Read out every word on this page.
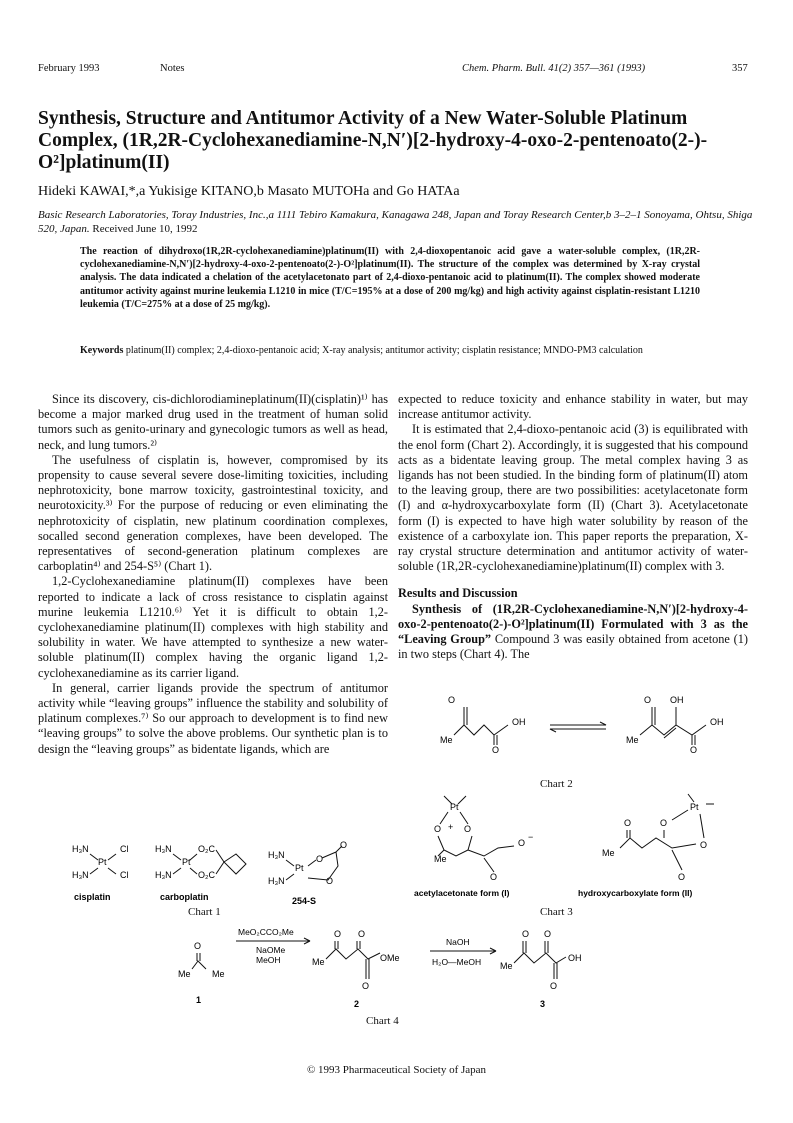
February 1993	Notes	Chem. Pharm. Bull. 41(2) 357—361 (1993)	357
Synthesis, Structure and Antitumor Activity of a New Water-Soluble Platinum Complex, (1R,2R-Cyclohexanediamine-N,N′)[2-hydroxy-4-oxo-2-pentenoato(2-)-O²]platinum(II)
Hideki KAWAI,*,a Yukisige KITANO,b Masato MUTOHa and Go HATAa
Basic Research Laboratories, Toray Industries, Inc.,a 1111 Tebiro Kamakura, Kanagawa 248, Japan and Toray Research Center,b 3–2–1 Sonoyama, Ohtsu, Shiga 520, Japan. Received June 10, 1992

The reaction of dihydroxo(1R,2R-cyclohexanediamine)platinum(II) with 2,4-dioxopentanoic acid gave a water-soluble complex, (1R,2R-cyclohexanediamine-N,N′)[2-hydroxy-4-oxo-2-pentenoato(2-)-O²]platinum(II). The structure of the complex was determined by X-ray crystal analysis. The data indicated a chelation of the acetylacetonato part of 2,4-dioxo-pentanoic acid to platinum(II). The complex showed moderate antitumor activity against murine leukemia L1210 in mice (T/C=195% at a dose of 200 mg/kg) and high activity against cisplatin-resistant L1210 leukemia (T/C=275% at a dose of 25 mg/kg).

Keywords platinum(II) complex; 2,4-dioxo-pentanoic acid; X-ray analysis; antitumor activity; cisplatin resistance; MNDO-PM3 calculation

Since its discovery, cis-dichlorodiamineplatinum(II)(cisplatin)¹⁾ has become a major marked drug used in the treatment of human solid tumors such as genito-urinary and gynecologic tumors as well as head, neck, and lung tumors.²⁾

The usefulness of cisplatin is, however, compromised by its propensity to cause several severe dose-limiting toxicities, including nephrotoxicity, bone marrow toxicity, gastrointestinal toxicity, and neurotoxicity.³⁾ For the purpose of reducing or even eliminating the nephrotoxicity of cisplatin, new platinum coordination complexes, socalled second generation complexes, have been developed. The representatives of second-generation platinum complexes are carboplatin⁴⁾ and 254-S⁵⁾ (Chart 1).

1,2-Cyclohexanediamine platinum(II) complexes have been reported to indicate a lack of cross resistance to cisplatin against murine leukemia L1210.⁶⁾ Yet it is difficult to obtain 1,2-cyclohexanediamine platinum(II) complexes with high stability and solubility in water. We have attempted to synthesize a new water-soluble platinum(II) complex having the organic ligand 1,2-cyclohexanediamine as its carrier ligand.

In general, carrier ligands provide the spectrum of antitumor activity while “leaving groups” influence the stability and solubility of platinum complexes.⁷⁾ So our approach to development is to find new “leaving groups” to solve the above problems. Our synthetic plan is to design the “leaving groups” as bidentate ligands, which are

expected to reduce toxicity and enhance stability in water, but may increase antitumor activity.

It is estimated that 2,4-dioxo-pentanoic acid (3) is equilibrated with the enol form (Chart 2). Accordingly, it is suggested that his compound acts as a bidentate leaving group. The metal complex having 3 as ligands has not been studied. In the binding form of platinum(II) atom to the leaving group, there are two possibilities: acetylacetonate form (I) and α-hydroxycarboxylate form (II) (Chart 3). Acetylacetonate form (I) is expected to have high water solubility by reason of the existence of a carboxylate ion. This paper reports the preparation, X-ray crystal structure determination and antitumor activity of water-soluble (1R,2R-cyclohexanediamine)platinum(II) complex with 3.

Results and Discussion

Synthesis of (1R,2R-Cyclohexanediamine-N,N′)[2-hydroxy-4-oxo-2-pentenoato(2-)-O²]platinum(II) Formulated with 3 as the “Leaving Group” Compound 3 was easily obtained from acetone (1) in two steps (Chart 4). The

H₃N	Cl
Pt
H₃N	Cl
cisplatin
H₃N	O₂C
Pt
H₃N	O₂C
carboplatin
H₃N
Pt
H₃N
O
O
O
254-S
Chart 1
O
OH
Me
O
O OH
OH
Me
O
Chart 2
Pt
O + O
Me
O
−
O
Pt
O	O
Me
O
O
acetylacetonate form (I)	hydroxycarboxylate form (II)
Chart 3
O
Me Me
1
MeO₂CCO₂Me
NaOMe
MeOH
O O
OMe
Me
O
2
NaOH
H₂O—MeOH
O O
OH
Me
O
3
Chart 4
© 1993 Pharmaceutical Society of Japan
